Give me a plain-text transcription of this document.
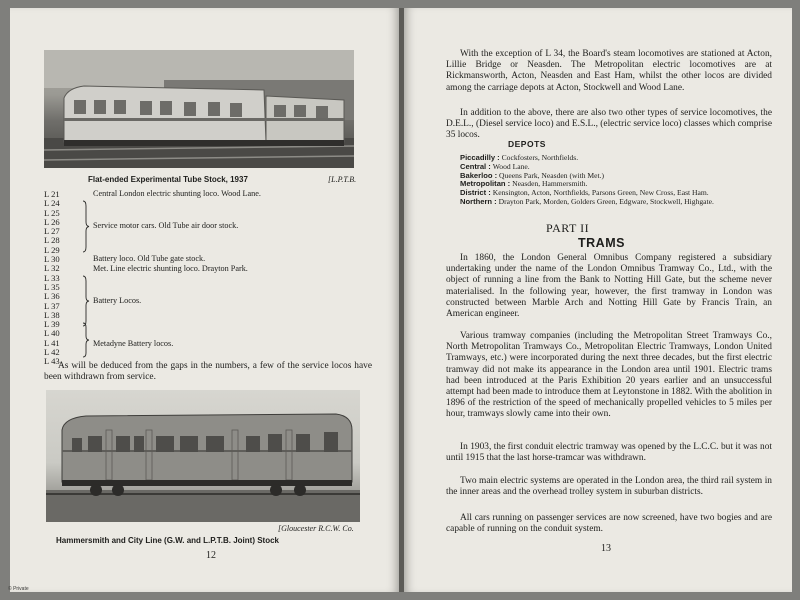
Flat-ended Experimental Tube Stock, 1937	[L.P.T.B.
L 21
L 24
L 25
L 26
L 27
L 28
L 29
L 30
L 32
L 33
L 35
L 36
L 37
L 38
L 39
L 40
L 41
L 42
L 43
Central London electric shunting loco. Wood Lane.
Service motor cars. Old Tube air door stock.
Battery loco. Old Tube gate stock.
Met. Line electric shunting loco. Drayton Park.
Battery Locos.
Metadyne Battery locos.
As will be deduced from the gaps in the numbers, a few of the service locos have been withdrawn from service.
[Gloucester R.C.W. Co.
Hammersmith and City Line (G.W. and L.P.T.B. Joint) Stock
12
© Private
With the exception of L 34, the Board's steam locomotives are stationed at Acton, Lillie Bridge or Neasden. The Metropolitan electric locomotives are at Rickmansworth, Acton, Neasden and East Ham, whilst the other locos are divided among the carriage depots at Acton, Stockwell and Wood Lane.
In addition to the above, there are also two other types of service locomotives, the D.E.L., (Diesel service loco) and E.S.L., (electric service loco) classes which comprise 35 locos.
DEPOTS
Piccadilly :
Cockfosters, Northfields.
Central :
Wood Lane.
Bakerloo :
Queens Park, Neasden (with Met.)
Metropolitan :
Neasden, Hammersmith.
District :
Kensington, Acton, Northfields, Parsons Green, New Cross, East Ham.
Northern :
Drayton Park, Morden, Golders Green, Edgware, Stockwell, Highgate.
PART II
TRAMS
In 1860, the London General Omnibus Company registered a subsidiary undertaking under the name of the London Omnibus Tramway Co., Ltd., with the object of running a line from the Bank to Notting Hill Gate, but the scheme never materialised. In the following year, however, the first tramway in London was constructed between Marble Arch and Notting Hill Gate by Francis Train, an American engineer.
Various tramway companies (including the Metropolitan Street Tramways Co., North Metropolitan Tramways Co., Metropolitan Electric Tramways, London United Tramways, etc.) were incorporated during the next three decades, but the first electric tramway did not make its appearance in the London area until 1901. Electric trams had been introduced at the Paris Exhibition 20 years earlier and an unsuccessful attempt had been made to introduce them at Leytonstone in 1882. With the abolition in 1896 of the restriction of the speed of mechanically propelled vehicles to 5 miles per hour, tramways slowly came into their own.
In 1903, the first conduit electric tramway was opened by the L.C.C. but it was not until 1915 that the last horse-tramcar was withdrawn.
Two main electric systems are operated in the London area, the third rail system in the inner areas and the overhead trolley system in suburban districts.
All cars running on passenger services are now screened, have two bogies and are capable of running on the conduit system.
13
